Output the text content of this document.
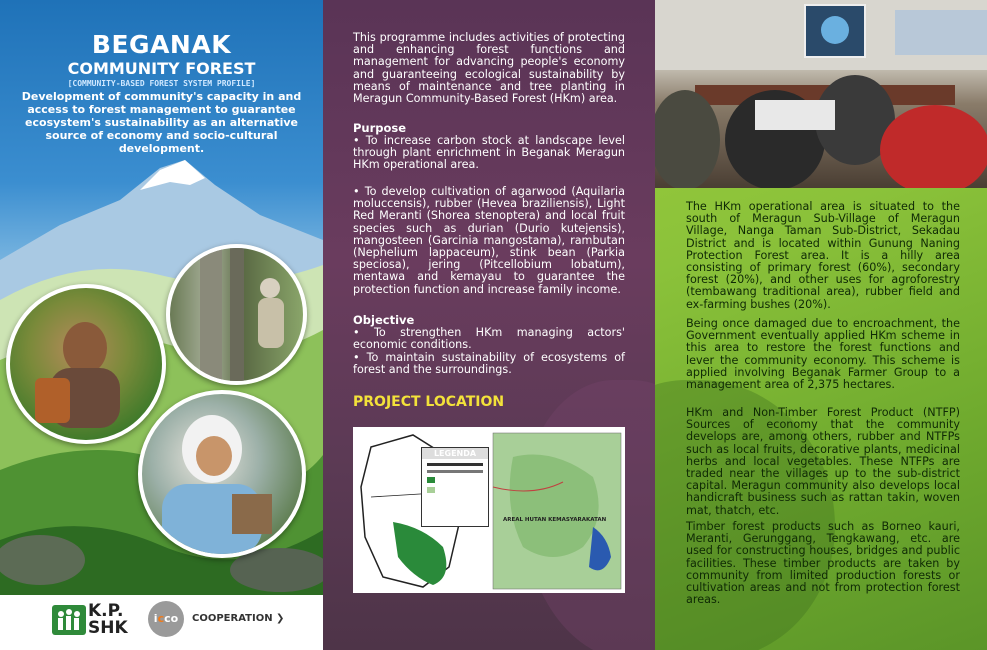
BEGANAK
COMMUNITY FOREST
[COMMUNITY-BASED FOREST SYSTEM PROFILE]
Development of community's capacity in and access to forest management to guarantee ecosystem's sustainability as an alternative source of economy and socio-cultural development.
K.P.
SHK	icco	COOPERATION ❯
This programme includes activities of protecting and enhancing forest functions and management for advancing people's economy and guaranteeing ecological sustainability by means of maintenance and tree planting in Meragun Community-Based Forest (HKm) area.
Purpose
• To increase carbon stock at landscape level through plant enrichment in Beganak Meragun HKm operational area.
• To develop cultivation of agarwood (Aquilaria moluccensis), rubber (Hevea braziliensis), Light Red Meranti (Shorea stenoptera) and local fruit species such as durian (Durio kutejensis), mangosteen (Garcinia mangostama), rambutan (Nephelium lappaceum), stink bean (Parkia speciosa), jering (Pitcellobium lobatum), mentawa and kemayau to guarantee the protection function and increase family income.
Objective
• To strengthen HKm managing actors' economic conditions.
• To maintain sustainability of ecosystems of forest and the surroundings.
PROJECT LOCATION
LEGENDA
AREAL HUTAN KEMASYARAKATAN
The HKm operational area is situated to the south of Meragun Sub-Village of Meragun Village, Nanga Taman Sub-District, Sekadau District and is located within Gunung Naning Protection Forest area. It is a hilly area consisting of primary forest (60%), secondary forest (20%), and other uses for agroforestry (tembawang traditional area), rubber field and ex-farming bushes (20%).
Being once damaged due to encroachment, the Government eventually applied HKm scheme in this area to restore the forest functions and lever the community economy. This scheme is applied involving Beganak Farmer Group to a management area of 2,375 hectares.
HKm and Non-Timber Forest Product (NTFP) Sources of economy that the community develops are, among others, rubber and NTFPs such as local fruits, decorative plants, medicinal herbs and local vegetables. These NTFPs are traded near the villages up to the sub-district capital. Meragun community also develops local handicraft business such as rattan takin, woven mat, thatch, etc.
Timber forest products such as Borneo kauri, Meranti, Gerunggang, Tengkawang, etc. are used for constructing houses, bridges and public facilities. These timber products are taken by community from limited production forests or cultivation areas and not from protection forest areas.
